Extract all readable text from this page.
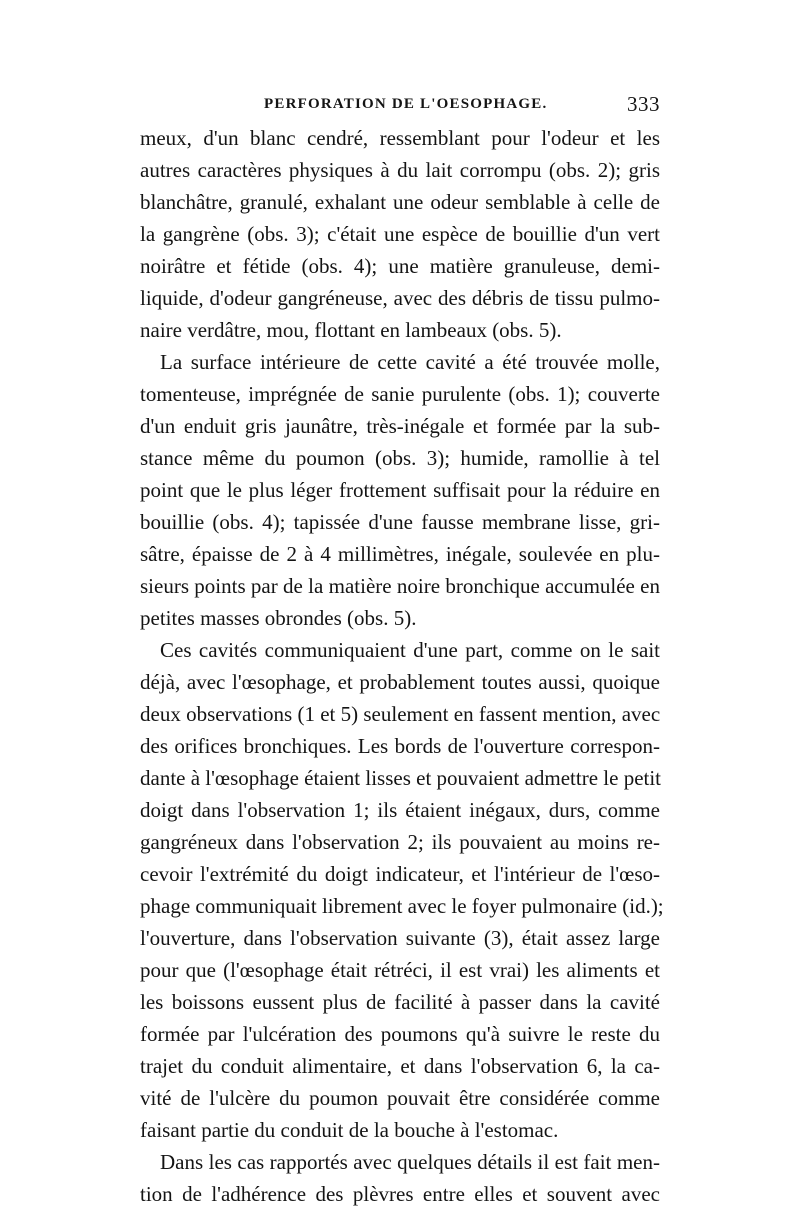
PERFORATION DE L'OESOPHAGE.	333
meux, d'un blanc cendré, ressemblant pour l'odeur et les
autres caractères physiques à du lait corrompu (obs. 2); gris
blanchâtre, granulé, exhalant une odeur semblable à celle de
la gangrène (obs. 3); c'était une espèce de bouillie d'un vert
noirâtre et fétide (obs. 4); une matière granuleuse, demi-
liquide, d'odeur gangréneuse, avec des débris de tissu pulmo-
naire verdâtre, mou, flottant en lambeaux (obs. 5).
La surface intérieure de cette cavité a été trouvée molle,
tomenteuse, imprégnée de sanie purulente (obs. 1); couverte
d'un enduit gris jaunâtre, très-inégale et formée par la sub-
stance même du poumon (obs. 3); humide, ramollie à tel
point que le plus léger frottement suffisait pour la réduire en
bouillie (obs. 4); tapissée d'une fausse membrane lisse, gri-
sâtre, épaisse de 2 à 4 millimètres, inégale, soulevée en plu-
sieurs points par de la matière noire bronchique accumulée en
petites masses obrondes (obs. 5).
Ces cavités communiquaient d'une part, comme on le sait
déjà, avec l'œsophage, et probablement toutes aussi, quoique
deux observations (1 et 5) seulement en fassent mention, avec
des orifices bronchiques. Les bords de l'ouverture correspon-
dante à l'œsophage étaient lisses et pouvaient admettre le petit
doigt dans l'observation 1; ils étaient inégaux, durs, comme
gangréneux dans l'observation 2; ils pouvaient au moins re-
cevoir l'extrémité du doigt indicateur, et l'intérieur de l'œso-
phage communiquait librement avec le foyer pulmonaire (id.);
l'ouverture, dans l'observation suivante (3), était assez large
pour que (l'œsophage était rétréci, il est vrai) les aliments et
les boissons eussent plus de facilité à passer dans la cavité
formée par l'ulcération des poumons qu'à suivre le reste du
trajet du conduit alimentaire, et dans l'observation 6, la ca-
vité de l'ulcère du poumon pouvait être considérée comme
faisant partie du conduit de la bouche à l'estomac.
Dans les cas rapportés avec quelques détails il est fait men-
tion de l'adhérence des plèvres entre elles et souvent avec
